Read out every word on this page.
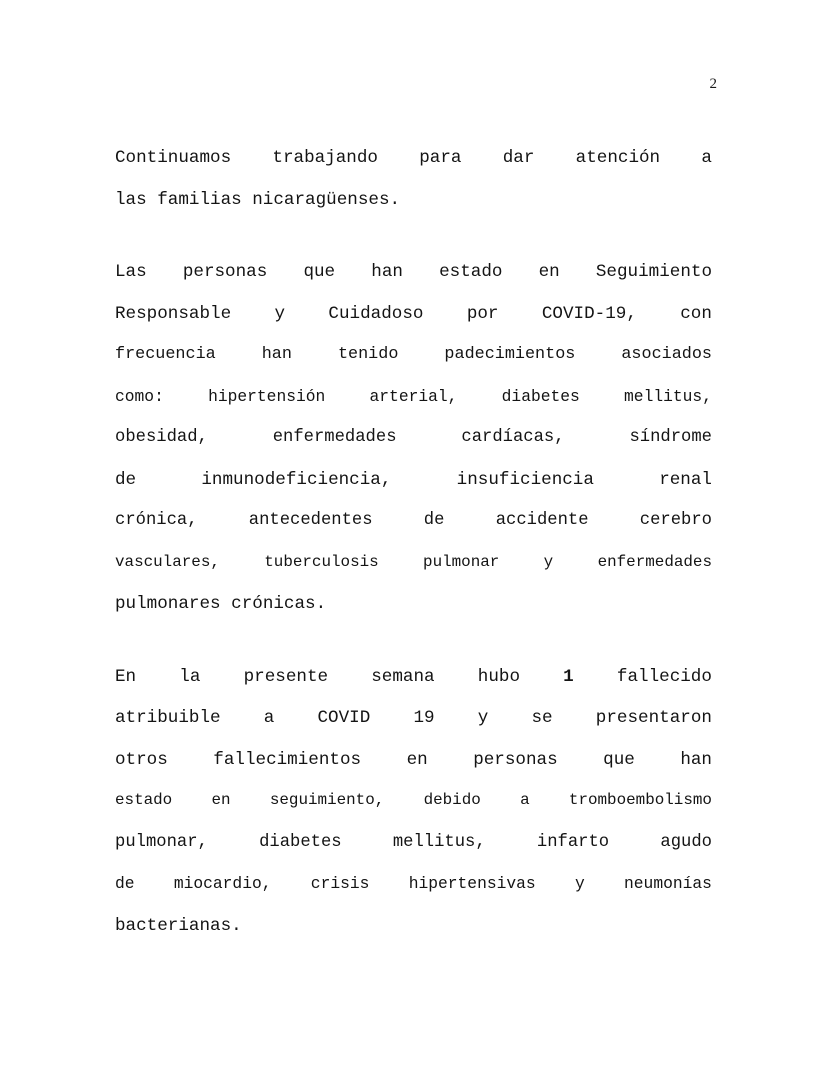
2
Continuamos trabajando para dar atención a
las familias nicaragüenses.
Las personas que han estado en Seguimiento
Responsable y Cuidadoso por COVID-19, con
frecuencia	han	tenido	padecimientos	asociados
como:	hipertensión	arterial,	diabetes	mellitus,
obesidad,	enfermedades	cardíacas,	síndrome
de	inmunodeficiencia,	insuficiencia	renal
crónica,	antecedentes	de	accidente	cerebro
vasculares,	tuberculosis	pulmonar	y	enfermedades
pulmonares crónicas.
En la presente semana hubo 1 fallecido
atribuible a COVID 19 y se presentaron
otros	fallecimientos	en	personas	que	han
estado en seguimiento, debido a tromboembolismo
pulmonar,	diabetes	mellitus,	infarto	agudo
de miocardio, crisis hipertensivas y neumonías
bacterianas.
